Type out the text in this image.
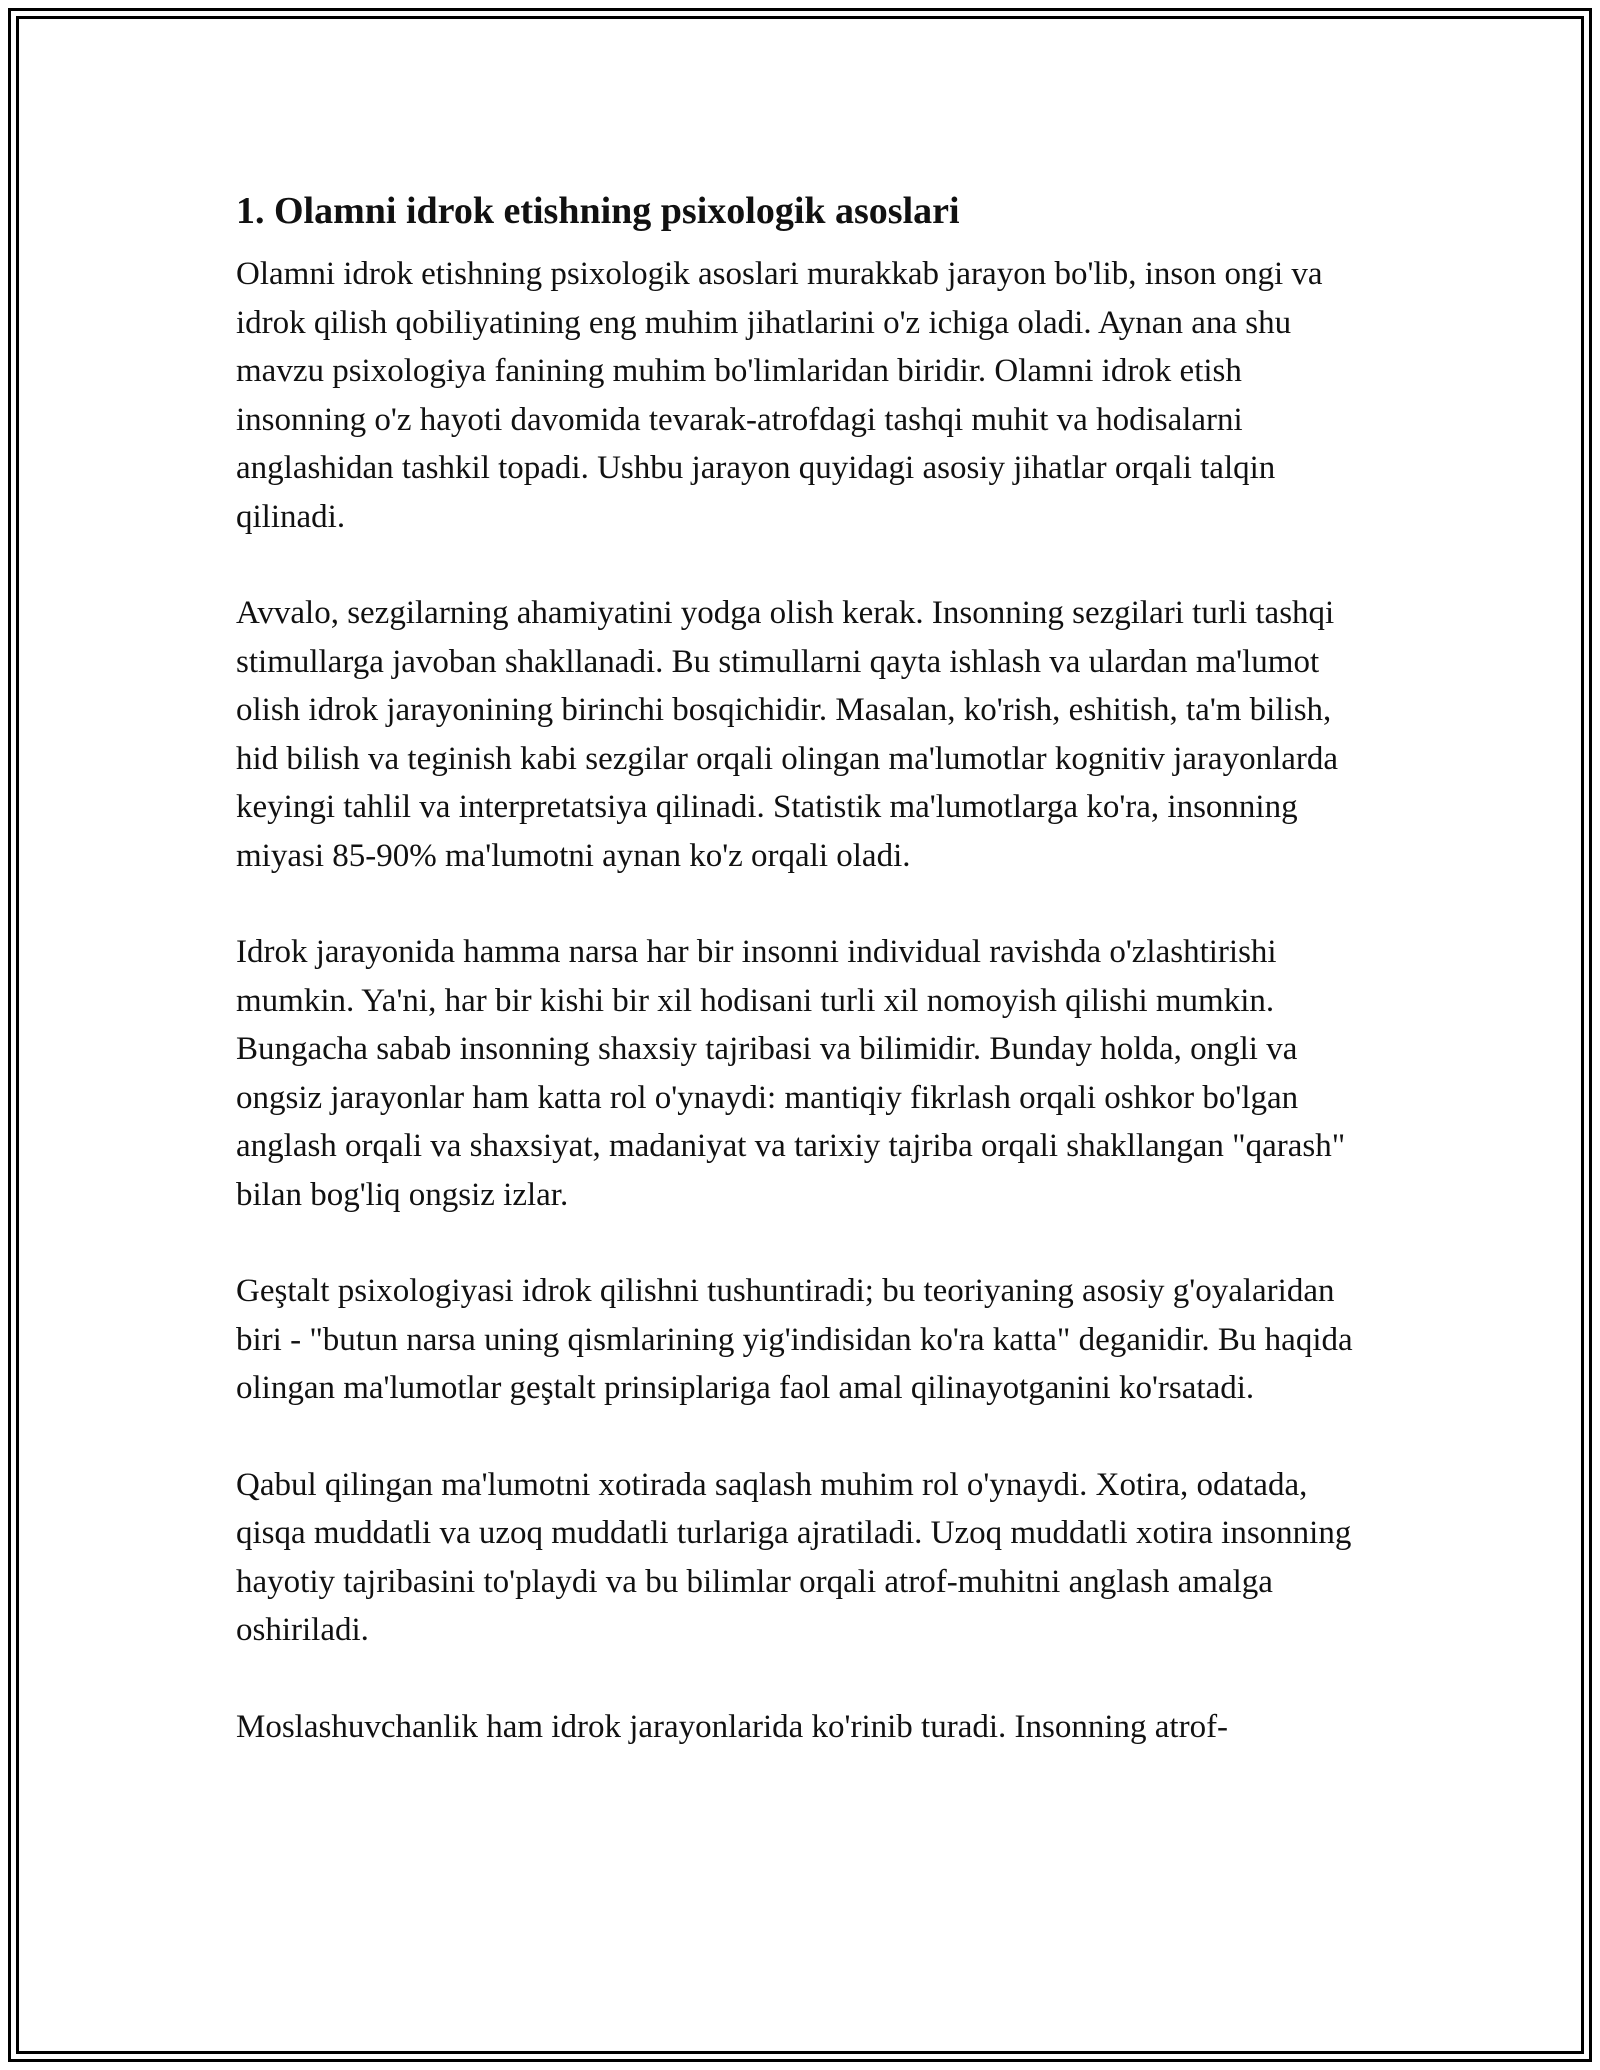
1. Olamni idrok etishning psixologik asoslari

Olamni idrok etishning psixologik asoslari murakkab jarayon bo'lib, inson ongi va idrok qilish qobiliyatining eng muhim jihatlarini o'z ichiga oladi. Aynan ana shu mavzu psixologiya fanining muhim bo'limlaridan biridir. Olamni idrok etish insonning o'z hayoti davomida tevarak-atrofdagi tashqi muhit va hodisalarni anglashidan tashkil topadi. Ushbu jarayon quyidagi asosiy jihatlar orqali talqin qilinadi.

Avvalo, sezgilarning ahamiyatini yodga olish kerak. Insonning sezgilari turli tashqi stimullarga javoban shakllanadi. Bu stimullarni qayta ishlash va ulardan ma'lumot olish idrok jarayonining birinchi bosqichidir. Masalan, ko'rish, eshitish, ta'm bilish, hid bilish va teginish kabi sezgilar orqali olingan ma'lumotlar kognitiv jarayonlarda keyingi tahlil va interpretatsiya qilinadi. Statistik ma'lumotlarga ko'ra, insonning miyasi 85-90% ma'lumotni aynan ko'z orqali oladi.

Idrok jarayonida hamma narsa har bir insonni individual ravishda o'zlashtirishi mumkin. Ya'ni, har bir kishi bir xil hodisani turli xil nomoyish qilishi mumkin. Bungacha sabab insonning shaxsiy tajribasi va bilimidir. Bunday holda, ongli va ongsiz jarayonlar ham katta rol o'ynaydi: mantiqiy fikrlash orqali oshkor bo'lgan anglash orqali va shaxsiyat, madaniyat va tarixiy tajriba orqali shakllangan "qarash" bilan bog'liq ongsiz izlar.

Geştalt psixologiyasi idrok qilishni tushuntiradi; bu teoriyaning asosiy g'oyalaridan biri - "butun narsa uning qismlarining yig'indisidan ko'ra katta" deganidir. Bu haqida olingan ma'lumotlar geştalt prinsiplariga faol amal qilinayotganini ko'rsatadi.

Qabul qilingan ma'lumotni xotirada saqlash muhim rol o'ynaydi. Xotira, odatada, qisqa muddatli va uzoq muddatli turlariga ajratiladi. Uzoq muddatli xotira insonning hayotiy tajribasini to'playdi va bu bilimlar orqali atrof-muhitni anglash amalga oshiriladi.

Moslashuvchanlik ham idrok jarayonlarida ko'rinib turadi. Insonning atrof-
